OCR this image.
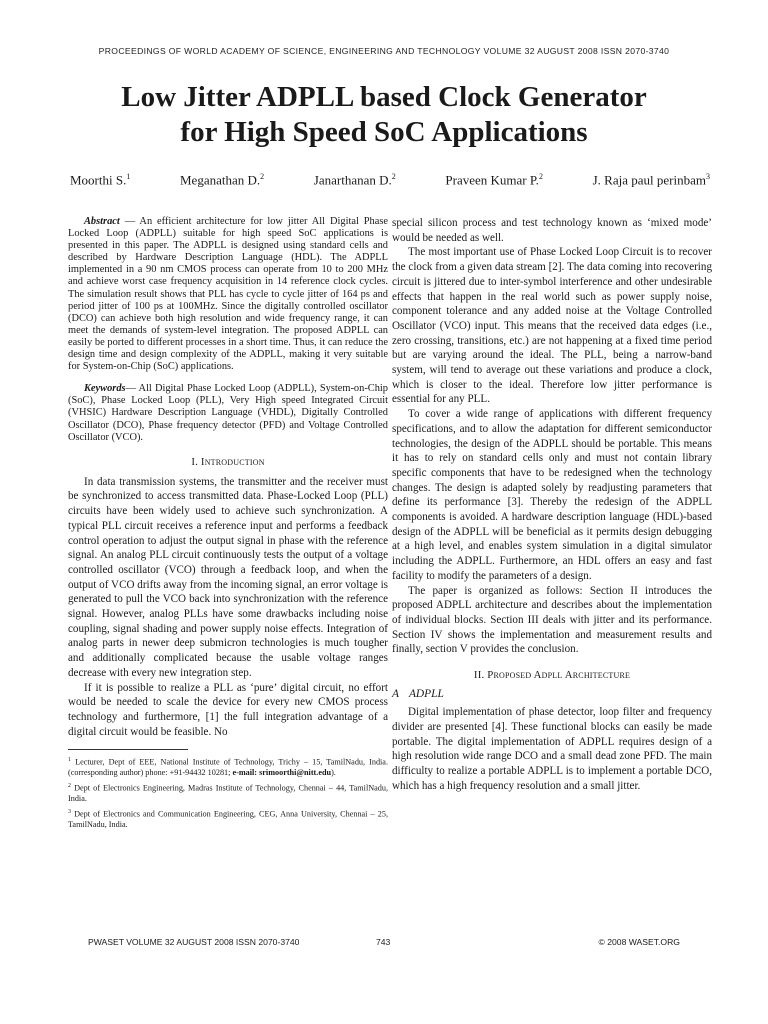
PROCEEDINGS OF WORLD ACADEMY OF SCIENCE, ENGINEERING AND TECHNOLOGY VOLUME 32 AUGUST 2008 ISSN 2070-3740
Low Jitter ADPLL based Clock Generator
for High Speed SoC Applications
Moorthi S.$^1$	Meganathan D.$^2$	Janarthanan D.$^2$	Praveen Kumar P.$^2$	J. Raja paul perinbam$^3$

Abstract — An efficient architecture for low jitter All Digital Phase Locked Loop (ADPLL) suitable for high speed SoC applications is presented in this paper. The ADPLL is designed using standard cells and described by Hardware Description Language (HDL). The ADPLL implemented in a 90 nm CMOS process can operate from 10 to 200 MHz and achieve worst case frequency acquisition in 14 reference clock cycles. The simulation result shows that PLL has cycle to cycle jitter of 164 ps and period jitter of 100 ps at 100MHz. Since the digitally controlled oscillator (DCO) can achieve both high resolution and wide frequency range, it can meet the demands of system-level integration. The proposed ADPLL can easily be ported to different processes in a short time. Thus, it can reduce the design time and design complexity of the ADPLL, making it very suitable for System-on-Chip (SoC) applications.

Keywords— All Digital Phase Locked Loop (ADPLL), System-on-Chip (SoC), Phase Locked Loop (PLL), Very High speed Integrated Circuit (VHSIC) Hardware Description Language (VHDL), Digitally Controlled Oscillator (DCO), Phase frequency detector (PFD) and Voltage Controlled Oscillator (VCO).

I. Introduction

In data transmission systems, the transmitter and the receiver must be synchronized to access transmitted data. Phase-Locked Loop (PLL) circuits have been widely used to achieve such synchronization. A typical PLL circuit receives a reference input and performs a feedback control operation to adjust the output signal in phase with the reference signal. An analog PLL circuit continuously tests the output of a voltage controlled oscillator (VCO) through a feedback loop, and when the output of VCO drifts away from the incoming signal, an error voltage is generated to pull the VCO back into synchronization with the reference signal. However, analog PLLs have some drawbacks including noise coupling, signal shading and power supply noise effects. Integration of analog parts in newer deep submicron technologies is much tougher and additionally complicated because the usable voltage ranges decrease with every new integration step.

If it is possible to realize a PLL as ‘pure’ digital circuit, no effort would be needed to scale the device for every new CMOS process technology and furthermore, [1] the full integration advantage of a digital circuit would be feasible. No

$^1$ Lecturer, Dept of EEE, National Institute of Technology, Trichy – 15, TamilNadu, India. (corresponding author) phone: +91-94432 10281; e-mail: srimoorthi@nitt.edu).

$^2$ Dept of Electronics Engineering, Madras Institute of Technology, Chennai – 44, TamilNadu, India.

$^3$ Dept of Electronics and Communication Engineering, CEG, Anna University, Chennai – 25, TamilNadu, India.

special silicon process and test technology known as ‘mixed mode’ would be needed as well.

The most important use of Phase Locked Loop Circuit is to recover the clock from a given data stream [2]. The data coming into recovering circuit is jittered due to inter-symbol interference and other undesirable effects that happen in the real world such as power supply noise, component tolerance and any added noise at the Voltage Controlled Oscillator (VCO) input. This means that the received data edges (i.e., zero crossing, transitions, etc.) are not happening at a fixed time period but are varying around the ideal. The PLL, being a narrow-band system, will tend to average out these variations and produce a clock, which is closer to the ideal. Therefore low jitter performance is essential for any PLL.

To cover a wide range of applications with different frequency specifications, and to allow the adaptation for different semiconductor technologies, the design of the ADPLL should be portable. This means it has to rely on standard cells only and must not contain library specific components that have to be redesigned when the technology changes. The design is adapted solely by readjusting parameters that define its performance [3]. Thereby the redesign of the ADPLL components is avoided. A hardware description language (HDL)-based design of the ADPLL will be beneficial as it permits design debugging at a high level, and enables system simulation in a digital simulator including the ADPLL. Furthermore, an HDL offers an easy and fast facility to modify the parameters of a design.

The paper is organized as follows: Section II introduces the proposed ADPLL architecture and describes about the implementation of individual blocks. Section III deals with jitter and its performance. Section IV shows the implementation and measurement results and finally, section V provides the conclusion.

II. Proposed Adpll Architecture
A ADPLL

Digital implementation of phase detector, loop filter and frequency divider are presented [4]. These functional blocks can easily be made portable. The digital implementation of ADPLL requires design of a high resolution wide range DCO and a small dead zone PFD. The main difficulty to realize a portable ADPLL is to implement a portable DCO, which has a high frequency resolution and a small jitter.

PWASET VOLUME 32 AUGUST 2008 ISSN 2070-3740	743	© 2008 WASET.ORG
